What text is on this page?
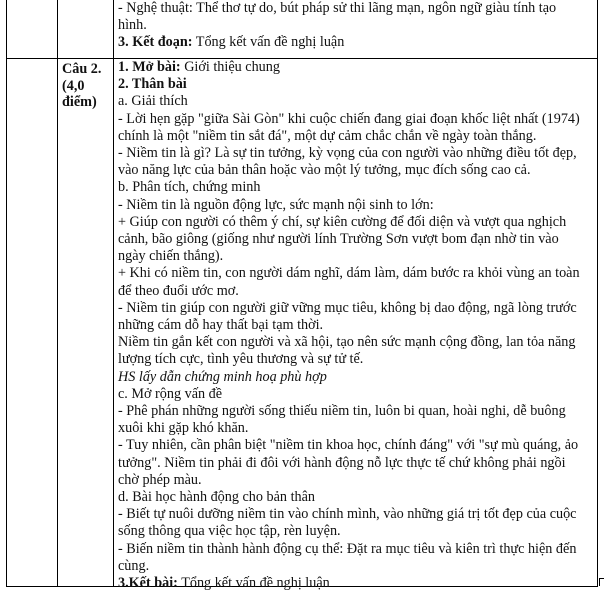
- Nghệ thuật: Thể thơ tự do, bút pháp sử thi lãng mạn, ngôn ngữ giàu tính tạo
hình.
3. Kết đoạn: Tổng kết vấn đề nghị luận
Câu 2.
(4,0
điểm)
1. Mở bài: Giới thiệu chung
2. Thân bài
a. Giải thích
- Lời hẹn gặp "giữa Sài Gòn" khi cuộc chiến đang giai đoạn khốc liệt nhất (1974)
chính là một "niềm tin sắt đá", một dự cảm chắc chắn về ngày toàn thắng.
- Niềm tin là gì? Là sự tin tưởng, kỳ vọng của con người vào những điều tốt đẹp,
vào năng lực của bản thân hoặc vào một lý tưởng, mục đích sống cao cả.
b. Phân tích, chứng minh
- Niềm tin là nguồn động lực, sức mạnh nội sinh to lớn:
+ Giúp con người có thêm ý chí, sự kiên cường để đối diện và vượt qua nghịch
cảnh, bão giông (giống như người lính Trường Sơn vượt bom đạn nhờ tin vào
ngày chiến thắng).
+ Khi có niềm tin, con người dám nghĩ, dám làm, dám bước ra khỏi vùng an toàn
để theo đuổi ước mơ.
- Niềm tin giúp con người giữ vững mục tiêu, không bị dao động, ngã lòng trước
những cám dỗ hay thất bại tạm thời.
Niềm tin gắn kết con người và xã hội, tạo nên sức mạnh cộng đồng, lan tỏa năng
lượng tích cực, tình yêu thương và sự tử tế.
HS lấy dẫn chứng minh hoạ phù hợp
c. Mở rộng vấn đề
- Phê phán những người sống thiếu niềm tin, luôn bi quan, hoài nghi, dễ buông
xuôi khi gặp khó khăn.
- Tuy nhiên, cần phân biệt "niềm tin khoa học, chính đáng" với "sự mù quáng, ảo
tưởng". Niềm tin phải đi đôi với hành động nỗ lực thực tế chứ không phải ngồi
chờ phép màu.
d. Bài học hành động cho bản thân
- Biết tự nuôi dưỡng niềm tin vào chính mình, vào những giá trị tốt đẹp của cuộc
sống thông qua việc học tập, rèn luyện.
- Biến niềm tin thành hành động cụ thể: Đặt ra mục tiêu và kiên trì thực hiện đến
cùng.
3.Kết bài: Tổng kết vấn đề nghị luận
